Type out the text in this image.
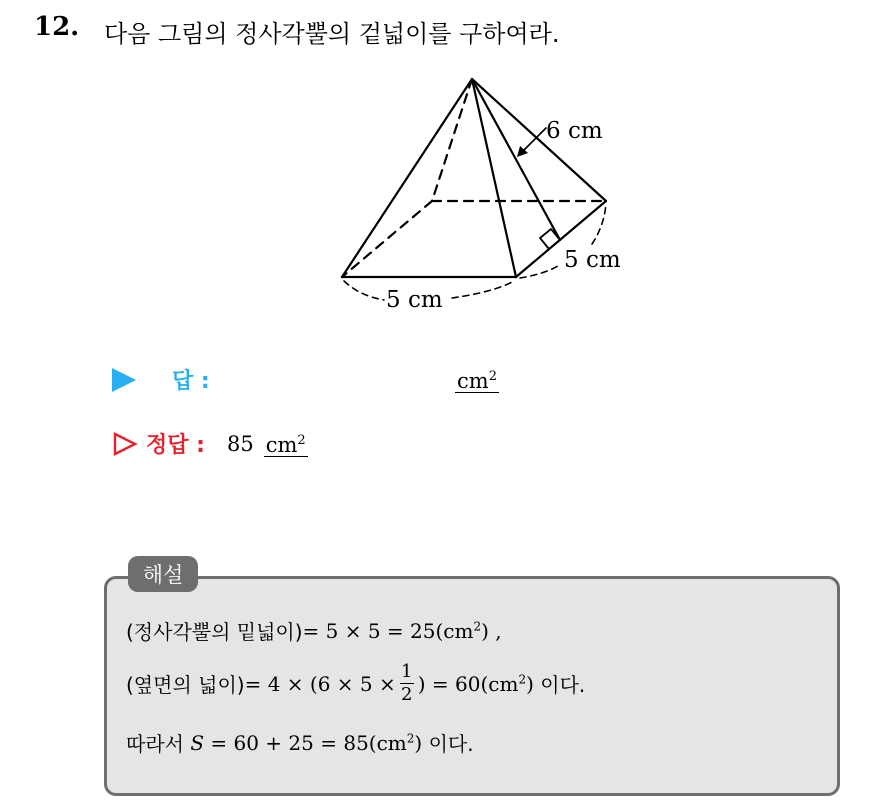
12. 다음 그림의 정사각뿔의 겉넓이를 구하여라.
6 cm
5 cm
5 cm
답 :	$cm^2$
정답 : 85 $cm^2$
해설
(정사각뿔의 밑넓이) = 5 × 5 = 25( $cm^2$ ) ,
(옆면의 넓이) = $4 \times (6 \times 5 \times \frac{1}{2}$ ) = 60( $cm^2$ ) 이다.
따라서 S = 60 + 25 = 85( $cm^2$ ) 이다.
